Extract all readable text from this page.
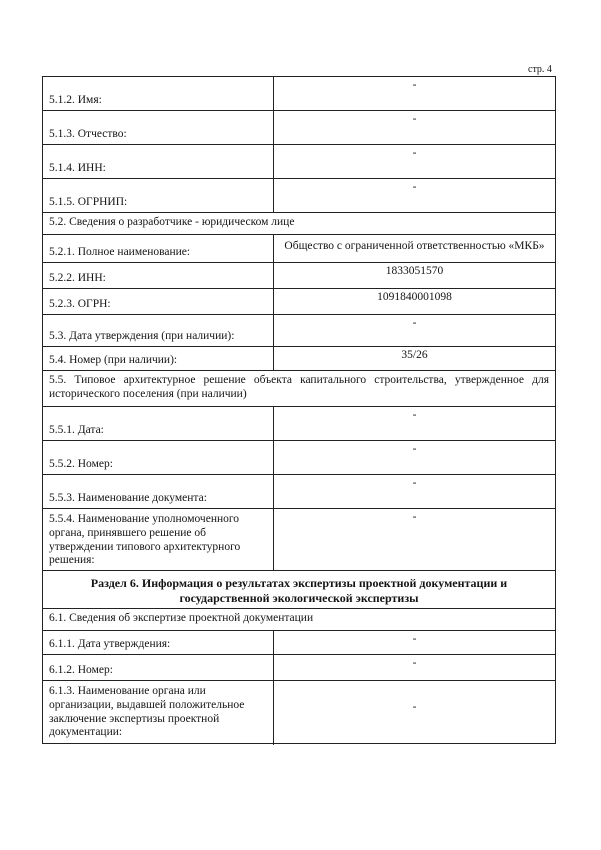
стр. 4
5.1.2. Имя:
-
5.1.3. Отчество:
-
5.1.4. ИНН:
-
5.1.5. ОГРНИП:
-
5.2. Сведения о разработчике - юридическом лице
5.2.1. Полное наименование:
Общество с ограниченной ответственностью «МКБ»
5.2.2. ИНН:
1833051570
5.2.3. ОГРН:
1091840001098
5.3. Дата утверждения (при наличии):
-
5.4. Номер (при наличии):	35/26
5.5. Типовое архитектурное решение объекта капитального строительства, утвержденное для исторического поселения (при наличии)
5.5.1. Дата:
-
5.5.2. Номер:
-
5.5.3. Наименование документа:
-
5.5.4. Наименование уполномоченного органа, принявшего решение об утверждении типового архитектурного решения:
-
Раздел 6. Информация о результатах экспертизы проектной документации и государственной экологической экспертизы
6.1. Сведения об экспертизе проектной документации
6.1.1. Дата утверждения:	-
6.1.2. Номер:
-
6.1.3. Наименование органа или организации, выдавшей положительное заключение экспертизы проектной документации:
-
